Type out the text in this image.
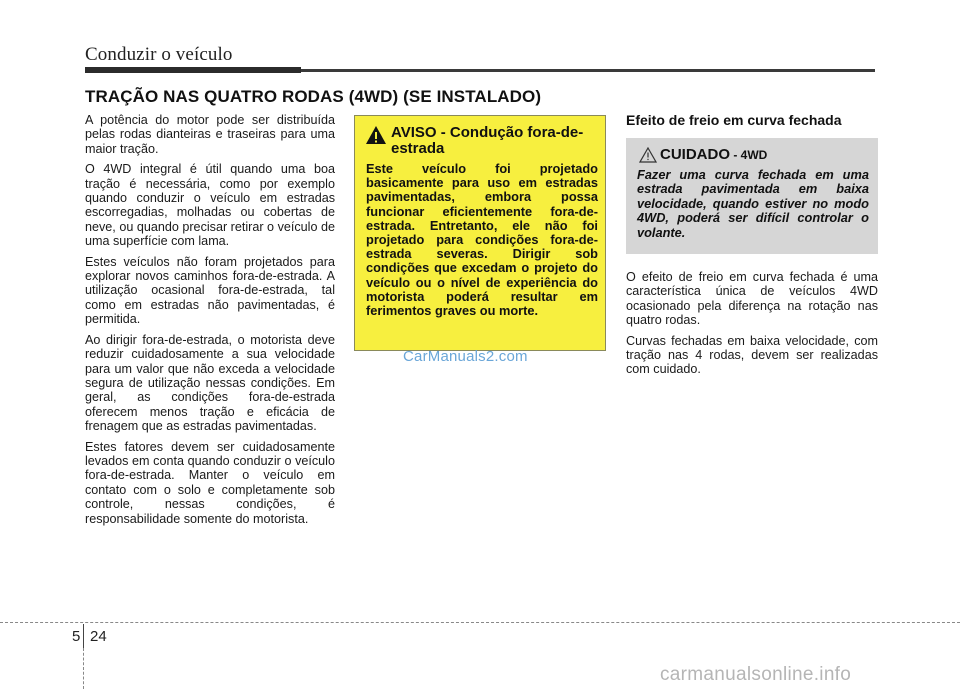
Conduzir o veículo
TRAÇÃO NAS QUATRO RODAS (4WD) (SE INSTALADO)

A potência do motor pode ser distribuída pelas rodas dianteiras e traseiras para uma maior tração.

O 4WD integral é útil quando uma boa tração é necessária, como por exemplo quando conduzir o veículo em estradas escorregadias, molhadas ou cobertas de neve, ou quando precisar retirar o veículo de uma superfície com lama.

Estes veículos não foram projetados para explorar novos caminhos fora-de-estrada. A utilização ocasional fora-de-estrada, tal como em estradas não pavimentadas, é permitida.

Ao dirigir fora-de-estrada, o motorista deve reduzir cuidadosamente a sua velocidade para um valor que não exceda a velocidade segura de utilização nessas condições. Em geral, as condições fora-de-estrada oferecem menos tração e eficácia de frenagem que as estradas pavimentadas.

Estes fatores devem ser cuidadosamente levados em conta quando conduzir o veículo fora-de-estrada. Manter o veículo em contato com o solo e completamente sob controle, nessas condições, é responsabilidade somente do motorista.

AVISO - Condução fora-de-estrada
Este veículo foi projetado basicamente para uso em estradas pavimentadas, embora possa funcionar eficientemente fora-de-estrada. Entretanto, ele não foi projetado para condições fora-de-estrada severas. Dirigir sob condições que excedam o projeto do veículo ou o nível de experiência do motorista poderá resultar em ferimentos graves ou morte.
CarManuals2.com
Efeito de freio em curva fechada
CUIDADO - 4WD
Fazer uma curva fechada em uma estrada pavimentada em baixa velocidade, quando estiver no modo 4WD, poderá ser difícil controlar o volante.

O efeito de freio em curva fechada é uma característica única de veículos 4WD ocasionado pela diferença na rotação nas quatro rodas.

Curvas fechadas em baixa velocidade, com tração nas 4 rodas, devem ser realizadas com cuidado.

5 24
carmanualsonline.info
